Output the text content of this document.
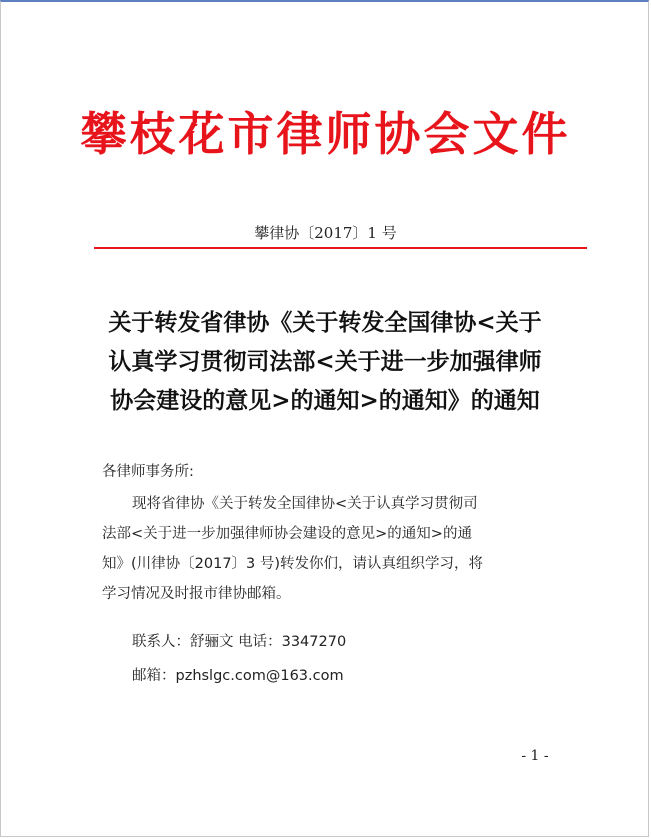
攀枝花市律师协会文件
攀律协〔2017〕1 号
关于转发省律协《关于转发全国律协<关于
认真学习贯彻司法部<关于进一步加强律师
协会建设的意见>的通知>的通知》的通知
各律师事务所:
现将省律协《关于转发全国律协<关于认真学习贯彻司
法部<关于进一步加强律师协会建设的意见>的通知>的通
知》(川律协〔2017〕3 号)转发你们，请认真组织学习，将
学习情况及时报市律协邮箱。
联系人：舒骊文 电话：3347270
邮箱：pzhslgc.com@163.com
- 1 -
